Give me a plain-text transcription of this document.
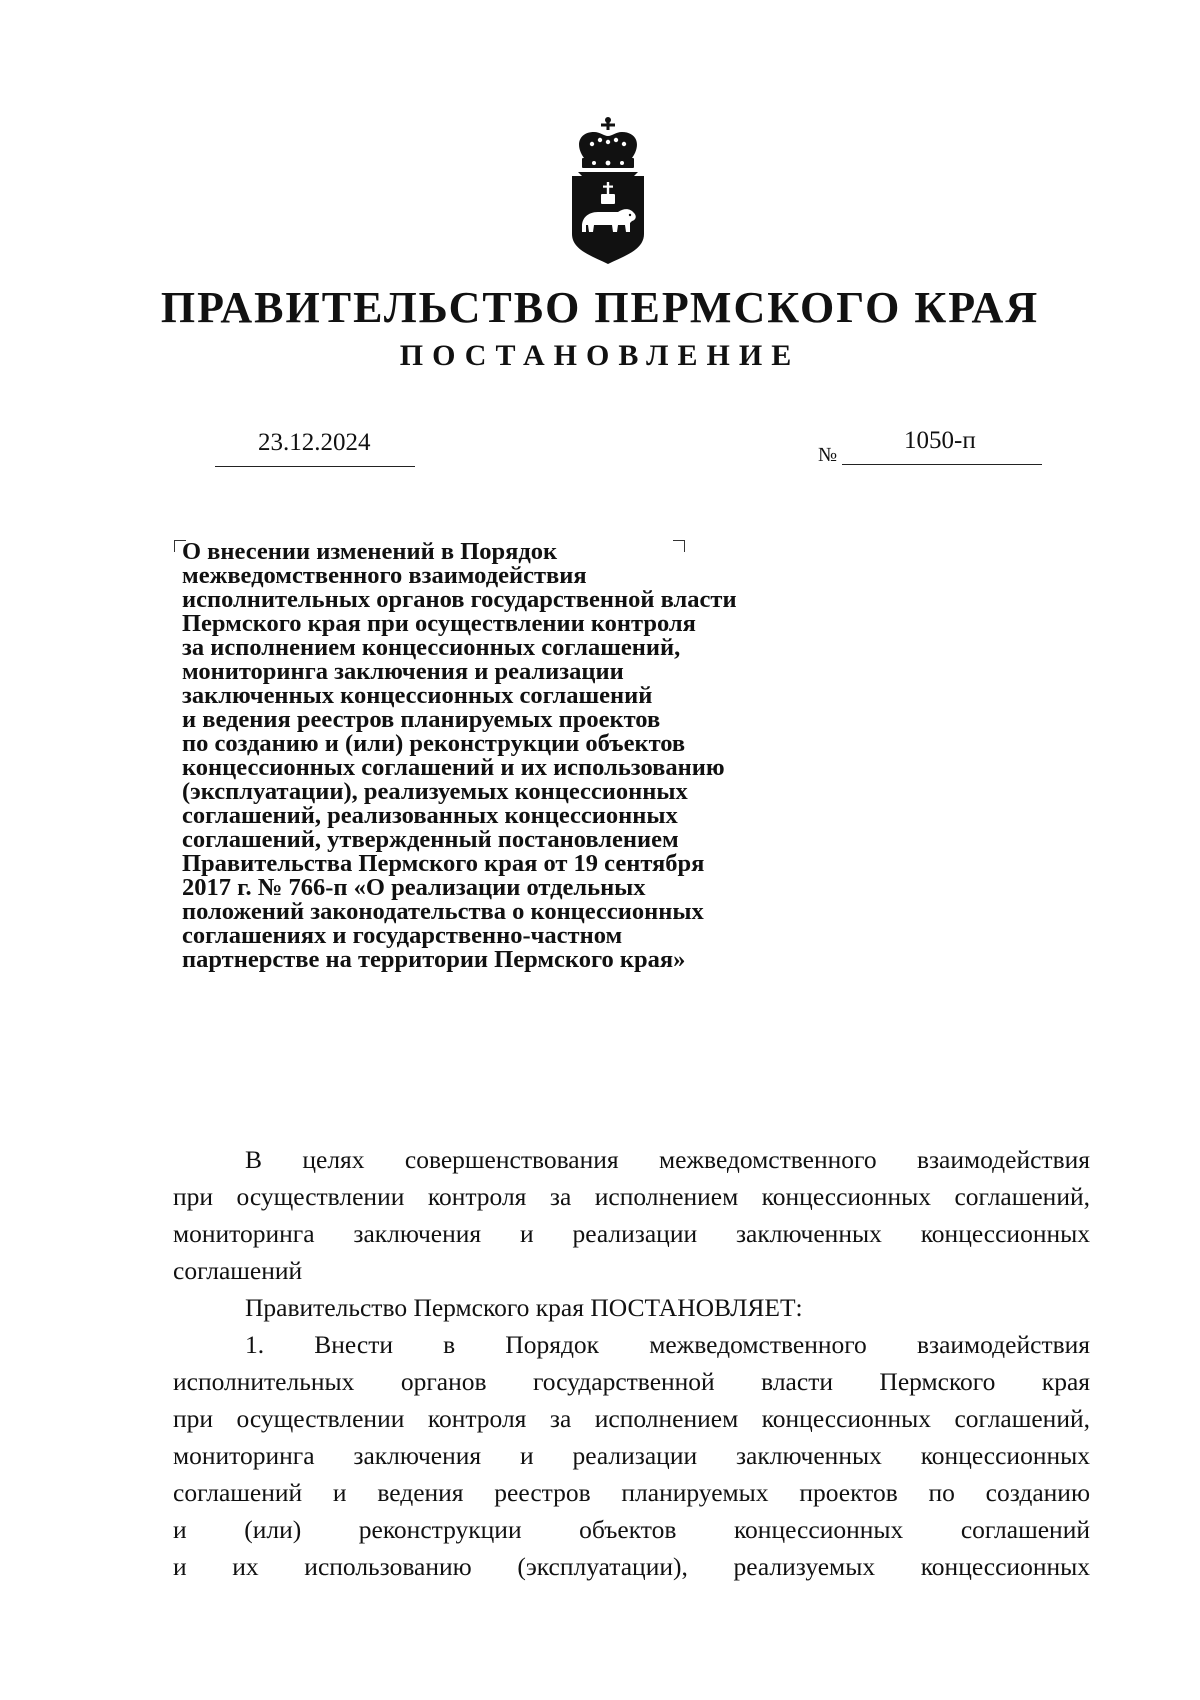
ПРАВИТЕЛЬСТВО ПЕРМСКОГО КРАЯ
ПОСТАНОВЛЕНИЕ
23.12.2024	№
1050-п
О внесении изменений в Порядок
межведомственного взаимодействия
исполнительных органов государственной власти
Пермского края при осуществлении контроля
за исполнением концессионных соглашений,
мониторинга заключения и реализации
заключенных концессионных соглашений
и ведения реестров планируемых проектов
по созданию и (или) реконструкции объектов
концессионных соглашений и их использованию
(эксплуатации), реализуемых концессионных
соглашений, реализованных концессионных
соглашений, утвержденный постановлением
Правительства Пермского края от 19 сентября
2017 г. № 766-п «О реализации отдельных
положений законодательства о концессионных
соглашениях и государственно-частном
партнерстве на территории Пермского края»
В целях совершенствования межведомственного взаимодействия
при осуществлении контроля за исполнением концессионных соглашений,
мониторинга заключения и реализации заключенных концессионных
соглашений
Правительство Пермского края ПОСТАНОВЛЯЕТ:
1. Внести в Порядок межведомственного взаимодействия
исполнительных органов государственной власти Пермского края
при осуществлении контроля за исполнением концессионных соглашений,
мониторинга заключения и реализации заключенных концессионных
соглашений и ведения реестров планируемых проектов по созданию
и (или) реконструкции объектов концессионных соглашений
и их использованию (эксплуатации), реализуемых концессионных
